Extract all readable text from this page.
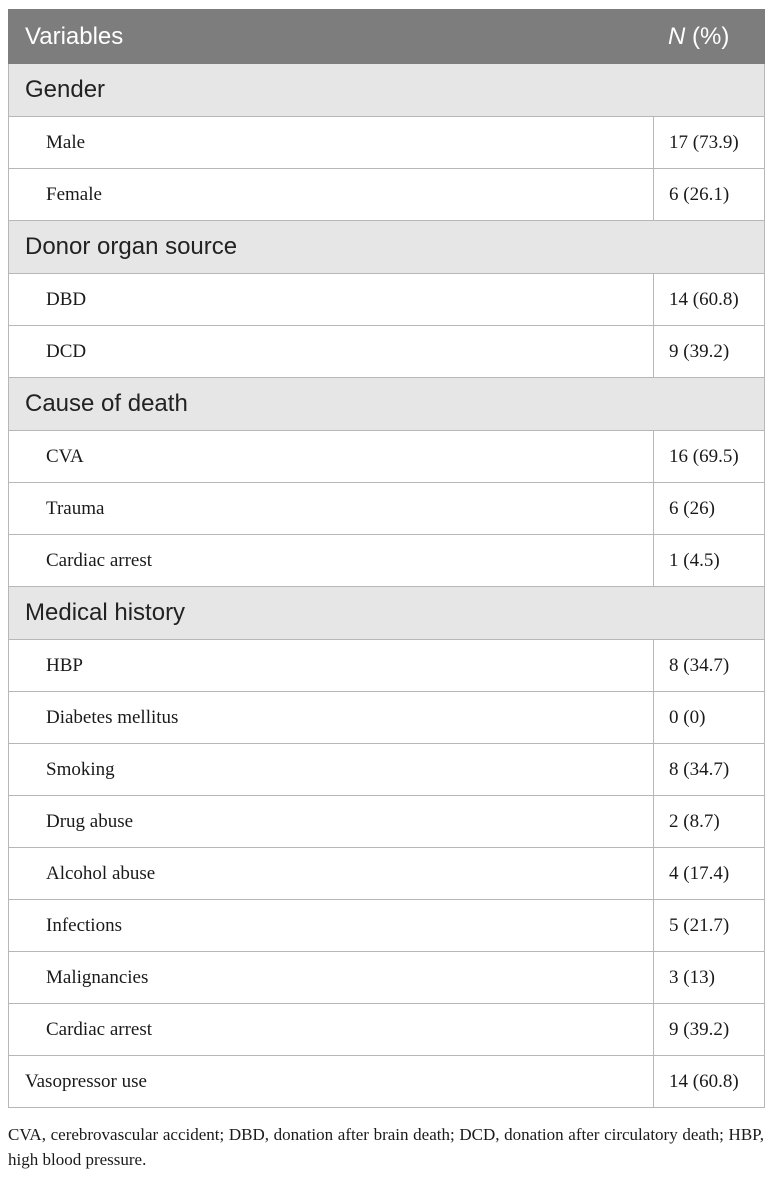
Variables	N (%)
Gender	
Male	17 (73.9)
Female	6 (26.1)
Donor organ source	
DBD	14 (60.8)
DCD	9 (39.2)
Cause of death	
CVA	16 (69.5)
Trauma	6 (26)
Cardiac arrest	1 (4.5)
Medical history	
HBP	8 (34.7)
Diabetes mellitus	0 (0)
Smoking	8 (34.7)
Drug abuse	2 (8.7)
Alcohol abuse	4 (17.4)
Infections	5 (21.7)
Malignancies	3 (13)
Cardiac arrest	9 (39.2)
Vasopressor use	14 (60.8)
CVA, cerebrovascular accident; DBD, donation after brain death; DCD, donation after circulatory death; HBP, high blood pressure.
